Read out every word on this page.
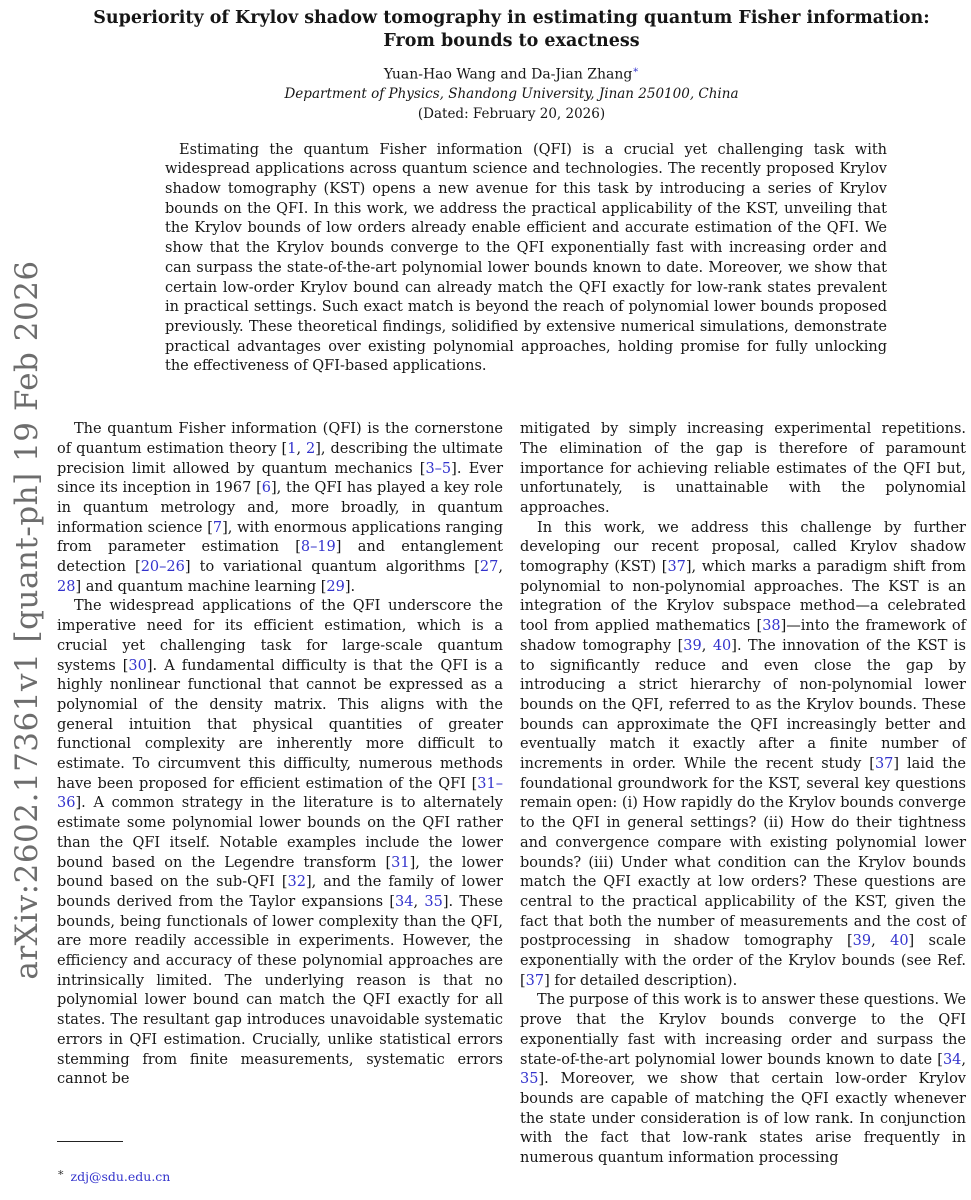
arXiv:2602.17361v1 [quant-ph] 19 Feb 2026
Superiority of Krylov shadow tomography in estimating quantum Fisher information:
From bounds to exactness
Yuan-Hao Wang and Da-Jian Zhang∗
Department of Physics, Shandong University, Jinan 250100, China
(Dated: February 20, 2026)

Estimating the quantum Fisher information (QFI) is a crucial yet challenging task with widespread applications across quantum science and technologies. The recently proposed Krylov shadow tomography (KST) opens a new avenue for this task by introducing a series of Krylov bounds on the QFI. In this work, we address the practical applicability of the KST, unveiling that the Krylov bounds of low orders already enable efficient and accurate estimation of the QFI. We show that the Krylov bounds converge to the QFI exponentially fast with increasing order and can surpass the state-of-the-art polynomial lower bounds known to date. Moreover, we show that certain low-order Krylov bound can already match the QFI exactly for low-rank states prevalent in practical settings. Such exact match is beyond the reach of polynomial lower bounds proposed previously. These theoretical findings, solidified by extensive numerical simulations, demonstrate practical advantages over existing polynomial approaches, holding promise for fully unlocking the effectiveness of QFI-based applications.

The quantum Fisher information (QFI) is the cornerstone of quantum estimation theory [1, 2], describing the ultimate precision limit allowed by quantum mechanics [3–5]. Ever since its inception in 1967 [6], the QFI has played a key role in quantum metrology and, more broadly, in quantum information science [7], with enormous applications ranging from parameter estimation [8–19] and entanglement detection [20–26] to variational quantum algorithms [27, 28] and quantum machine learning [29].

The widespread applications of the QFI underscore the imperative need for its efficient estimation, which is a crucial yet challenging task for large-scale quantum systems [30]. A fundamental difficulty is that the QFI is a highly nonlinear functional that cannot be expressed as a polynomial of the density matrix. This aligns with the general intuition that physical quantities of greater functional complexity are inherently more difficult to estimate. To circumvent this difficulty, numerous methods have been proposed for efficient estimation of the QFI [31–36]. A common strategy in the literature is to alternately estimate some polynomial lower bounds on the QFI rather than the QFI itself. Notable examples include the lower bound based on the Legendre transform [31], the lower bound based on the sub-QFI [32], and the family of lower bounds derived from the Taylor expansions [34, 35]. These bounds, being functionals of lower complexity than the QFI, are more readily accessible in experiments. However, the efficiency and accuracy of these polynomial approaches are intrinsically limited. The underlying reason is that no polynomial lower bound can match the QFI exactly for all states. The resultant gap introduces unavoidable systematic errors in QFI estimation. Crucially, unlike statistical errors stemming from finite measurements, systematic errors cannot be

mitigated by simply increasing experimental repetitions. The elimination of the gap is therefore of paramount importance for achieving reliable estimates of the QFI but, unfortunately, is unattainable with the polynomial approaches.

In this work, we address this challenge by further developing our recent proposal, called Krylov shadow tomography (KST) [37], which marks a paradigm shift from polynomial to non-polynomial approaches. The KST is an integration of the Krylov subspace method—a celebrated tool from applied mathematics [38]—into the framework of shadow tomography [39, 40]. The innovation of the KST is to significantly reduce and even close the gap by introducing a strict hierarchy of non-polynomial lower bounds on the QFI, referred to as the Krylov bounds. These bounds can approximate the QFI increasingly better and eventually match it exactly after a finite number of increments in order. While the recent study [37] laid the foundational groundwork for the KST, several key questions remain open: (i) How rapidly do the Krylov bounds converge to the QFI in general settings? (ii) How do their tightness and convergence compare with existing polynomial lower bounds? (iii) Under what condition can the Krylov bounds match the QFI exactly at low orders? These questions are central to the practical applicability of the KST, given the fact that both the number of measurements and the cost of postprocessing in shadow tomography [39, 40] scale exponentially with the order of the Krylov bounds (see Ref. [37] for detailed description).

The purpose of this work is to answer these questions. We prove that the Krylov bounds converge to the QFI exponentially fast with increasing order and surpass the state-of-the-art polynomial lower bounds known to date [34, 35]. Moreover, we show that certain low-order Krylov bounds are capable of matching the QFI exactly whenever the state under consideration is of low rank. In conjunction with the fact that low-rank states arise frequently in numerous quantum information processing

∗ zdj@sdu.edu.cn
